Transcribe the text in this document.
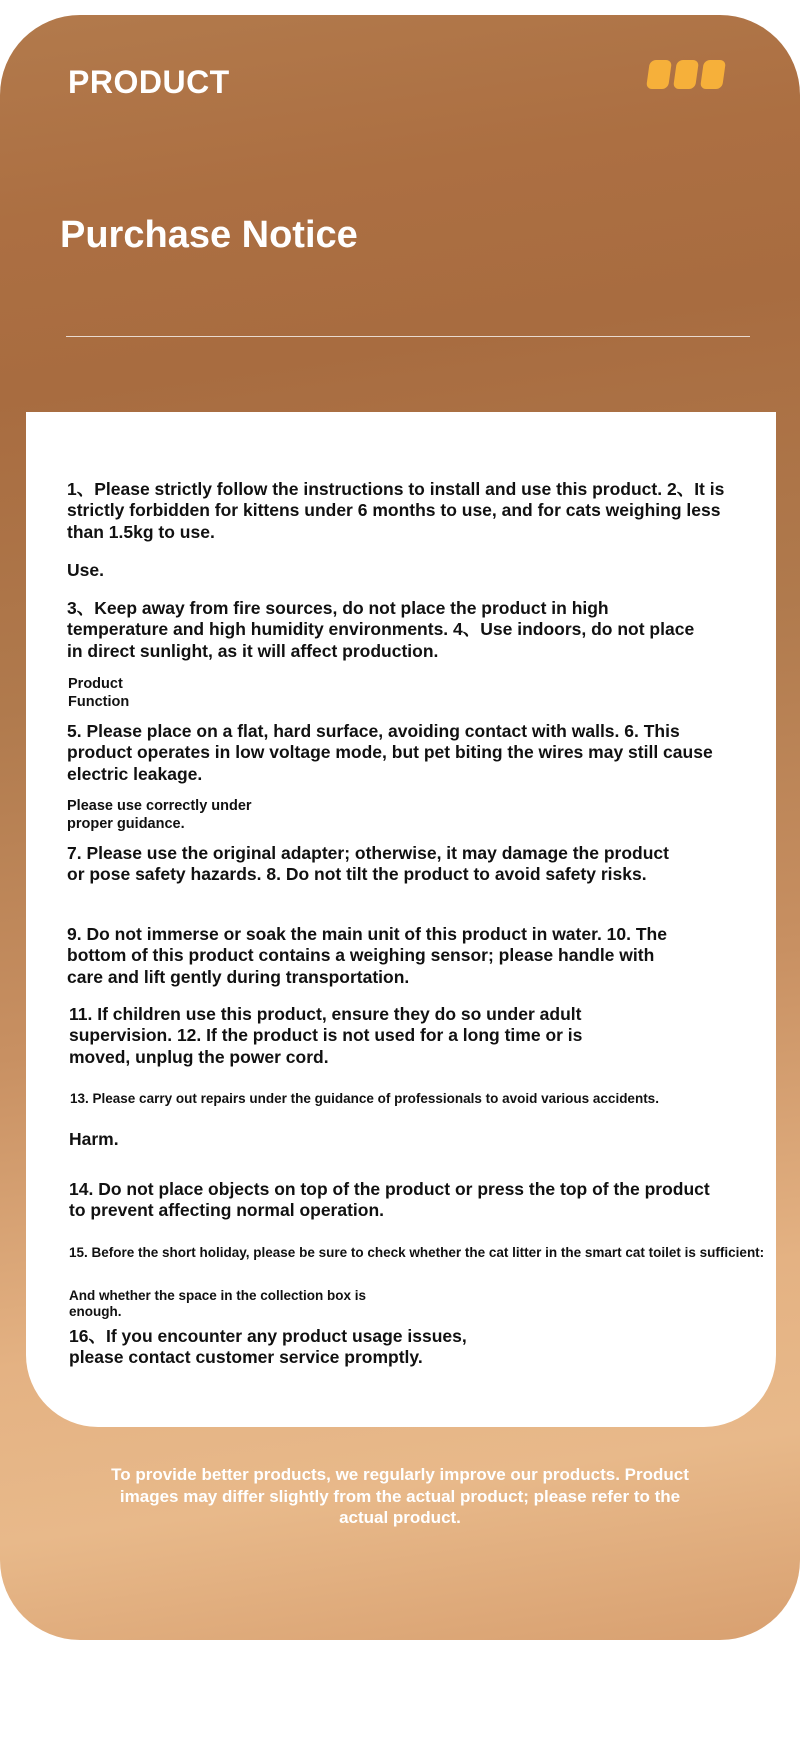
PRODUCT
Purchase Notice

1、Please strictly follow the instructions to install and use this product. 2、It is strictly forbidden for kittens under 6 months to use, and for cats weighing less than 1.5kg to use.

Use.

3、Keep away from fire sources, do not place the product in high temperature and high humidity environments. 4、Use indoors, do not place in direct sunlight, as it will affect production.

Product Function

5. Please place on a flat, hard surface, avoiding contact with walls. 6. This product operates in low voltage mode, but pet biting the wires may still cause electric leakage.

Please use correctly under proper guidance.

7. Please use the original adapter; otherwise, it may damage the product or pose safety hazards. 8. Do not tilt the product to avoid safety risks.

9. Do not immerse or soak the main unit of this product in water. 10. The bottom of this product contains a weighing sensor; please handle with care and lift gently during transportation.

11. If children use this product, ensure they do so under adult supervision. 12. If the product is not used for a long time or is moved, unplug the power cord.

13. Please carry out repairs under the guidance of professionals to avoid various accidents.

Harm.

14. Do not place objects on top of the product or press the top of the product to prevent affecting normal operation.

15. Before the short holiday, please be sure to check whether the cat litter in the smart cat toilet is sufficient:

And whether the space in the collection box is enough.

16、If you encounter any product usage issues, please contact customer service promptly.

To provide better products, we regularly improve our products. Product images may differ slightly from the actual product; please refer to the actual product.
